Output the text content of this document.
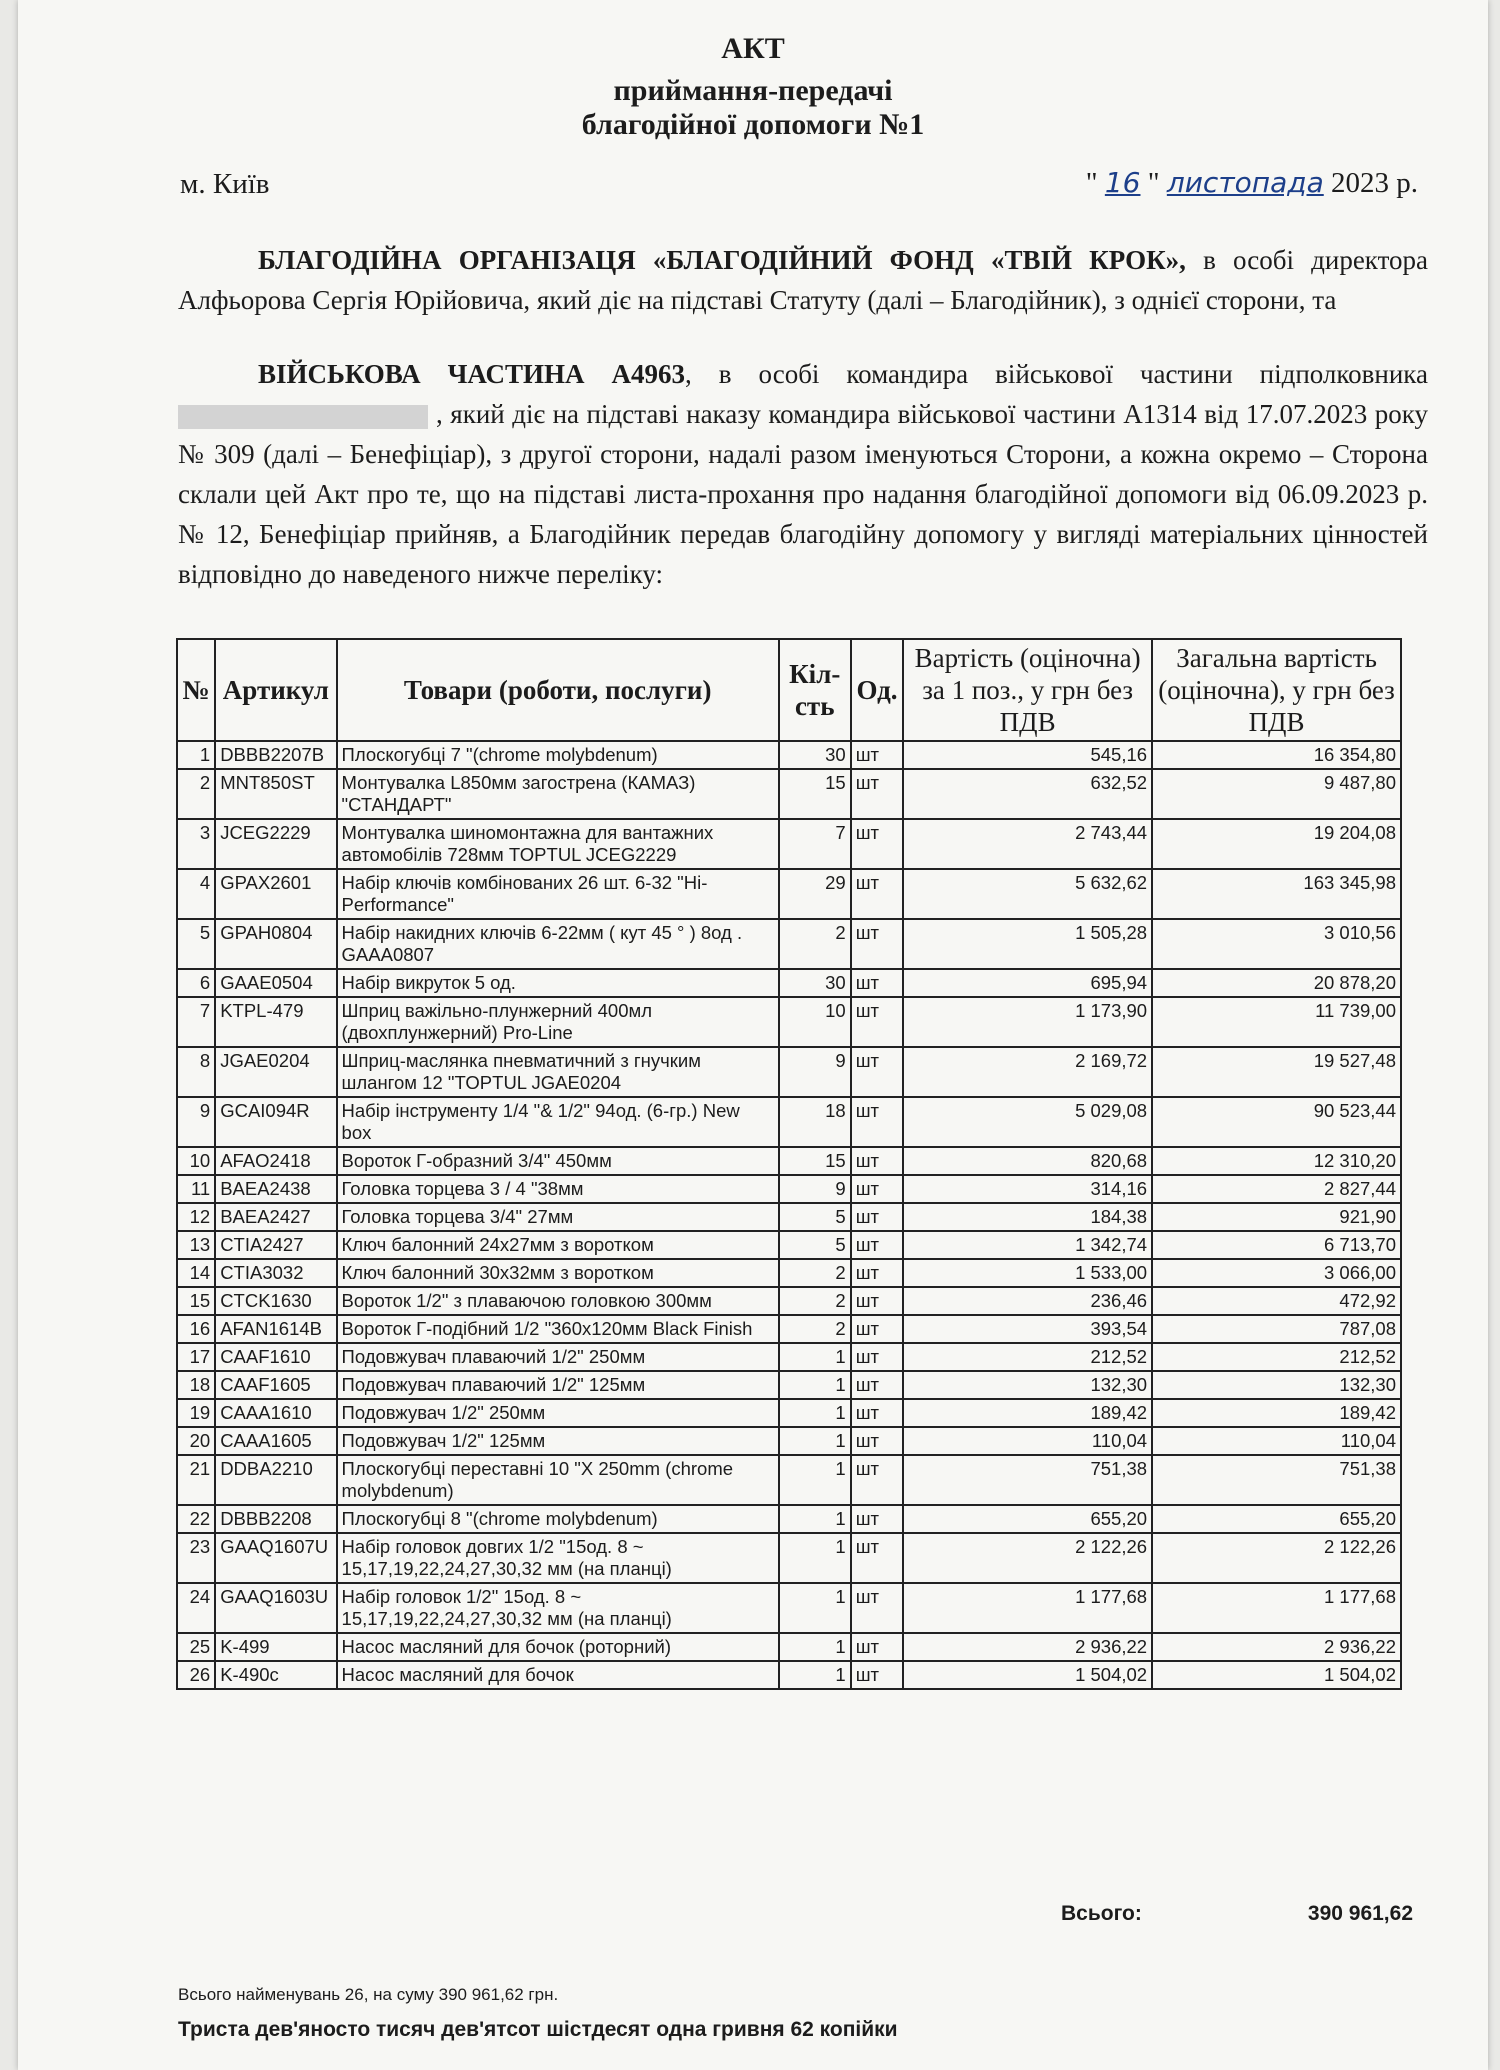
АКТ
приймання-передачі
благодійної допомоги №1
м. Київ	" 16 " листопада 2023 р.
БЛАГОДІЙНА ОРГАНІЗАЦЯ «БЛАГОДІЙНИЙ ФОНД «ТВІЙ КРОК», в особі директора Алфьорова Сергія Юрійовича, який діє на підставі Статуту (далі – Благодійник), з однієї сторони, та
ВІЙСЬКОВА ЧАСТИНА А4963, в особі командира військової частини підполковника , який діє на підставі наказу командира військової частини А1314 від 17.07.2023 року № 309 (далі – Бенефіціар), з другої сторони, надалі разом іменуються Сторони, а кожна окремо – Сторона склали цей Акт про те, що на підставі листа-прохання про надання благодійної допомоги від 06.09.2023 р. № 12, Бенефіціар прийняв, а Благодійник передав благодійну допомогу у вигляді матеріальних цінностей відповідно до наведеного нижче переліку:
№	Артикул	Товари (роботи, послуги)	Кіл-сть	Од.	Вартість (оціночна) за 1 поз., у грн без ПДВ	Загальна вартість (оціночна), у грн без ПДВ
1	DBBB2207B	Плоскогубці 7 "(chrome molybdenum)	30	шт	545,16	16 354,80
2	MNT850ST	Монтувалка L850мм загострена (КАМАЗ) "СТАНДАРТ"	15	шт	632,52	9 487,80
3	JCEG2229	Монтувалка шиномонтажна для вантажних автомобілів 728мм TOPTUL JCEG2229	7	шт	2 743,44	19 204,08
4	GPAX2601	Набір ключів комбінованих 26 шт. 6-32 "Hi-Performance"	29	шт	5 632,62	163 345,98
5	GPAH0804	Набір накидних ключів 6-22мм ( кут 45 ° ) 8од . GAAA0807	2	шт	1 505,28	3 010,56
6	GAAE0504	Набір викруток 5 од.	30	шт	695,94	20 878,20
7	KTPL-479	Шприц важільно-плунжерний 400мл (двохплунжерний) Pro-Line	10	шт	1 173,90	11 739,00
8	JGAE0204	Шприц-маслянка пневматичний з гнучким шлангом 12 "TOPTUL JGAE0204	9	шт	2 169,72	19 527,48
9	GCAI094R	Набір інструменту 1/4 "& 1/2" 94од. (6-гр.) New box	18	шт	5 029,08	90 523,44
10	AFAO2418	Вороток Г-образний 3/4" 450мм	15	шт	820,68	12 310,20
11	BAEA2438	Головка торцева 3 / 4 "38мм	9	шт	314,16	2 827,44
12	BAEA2427	Головка торцева 3/4" 27мм	5	шт	184,38	921,90
13	CTIA2427	Ключ балонний 24x27мм з воротком	5	шт	1 342,74	6 713,70
14	CTIA3032	Ключ балонний 30x32мм з воротком	2	шт	1 533,00	3 066,00
15	CTCK1630	Вороток 1/2" з плаваючою головкою 300мм	2	шт	236,46	472,92
16	AFAN1614B	Вороток Г-подібний 1/2 "360x120мм Black Finish	2	шт	393,54	787,08
17	CAAF1610	Подовжувач плаваючий 1/2" 250мм	1	шт	212,52	212,52
18	CAAF1605	Подовжувач плаваючий 1/2" 125мм	1	шт	132,30	132,30
19	CAAA1610	Подовжувач 1/2" 250мм	1	шт	189,42	189,42
20	CAAA1605	Подовжувач 1/2" 125мм	1	шт	110,04	110,04
21	DDBA2210	Плоскогубці переставні 10 "X 250mm (chrome molybdenum)	1	шт	751,38	751,38
22	DBBB2208	Плоскогубці 8 "(chrome molybdenum)	1	шт	655,20	655,20
23	GAAQ1607U	Набір головок довгих 1/2 "15од. 8 ~ 15,17,19,22,24,27,30,32 мм (на планці)	1	шт	2 122,26	2 122,26
24	GAAQ1603U	Набір головок 1/2" 15од. 8 ~ 15,17,19,22,24,27,30,32 мм (на планці)	1	шт	1 177,68	1 177,68
25	K-499	Насос масляний для бочок (роторний)	1	шт	2 936,22	2 936,22
26	K-490c	Насос масляний для бочок	1	шт	1 504,02	1 504,02
Всього:	390 961,62
Всього найменувань 26, на суму 390 961,62 грн.
Триста дев'яносто тисяч дев'ятсот шістдесят одна гривня 62 копійки
